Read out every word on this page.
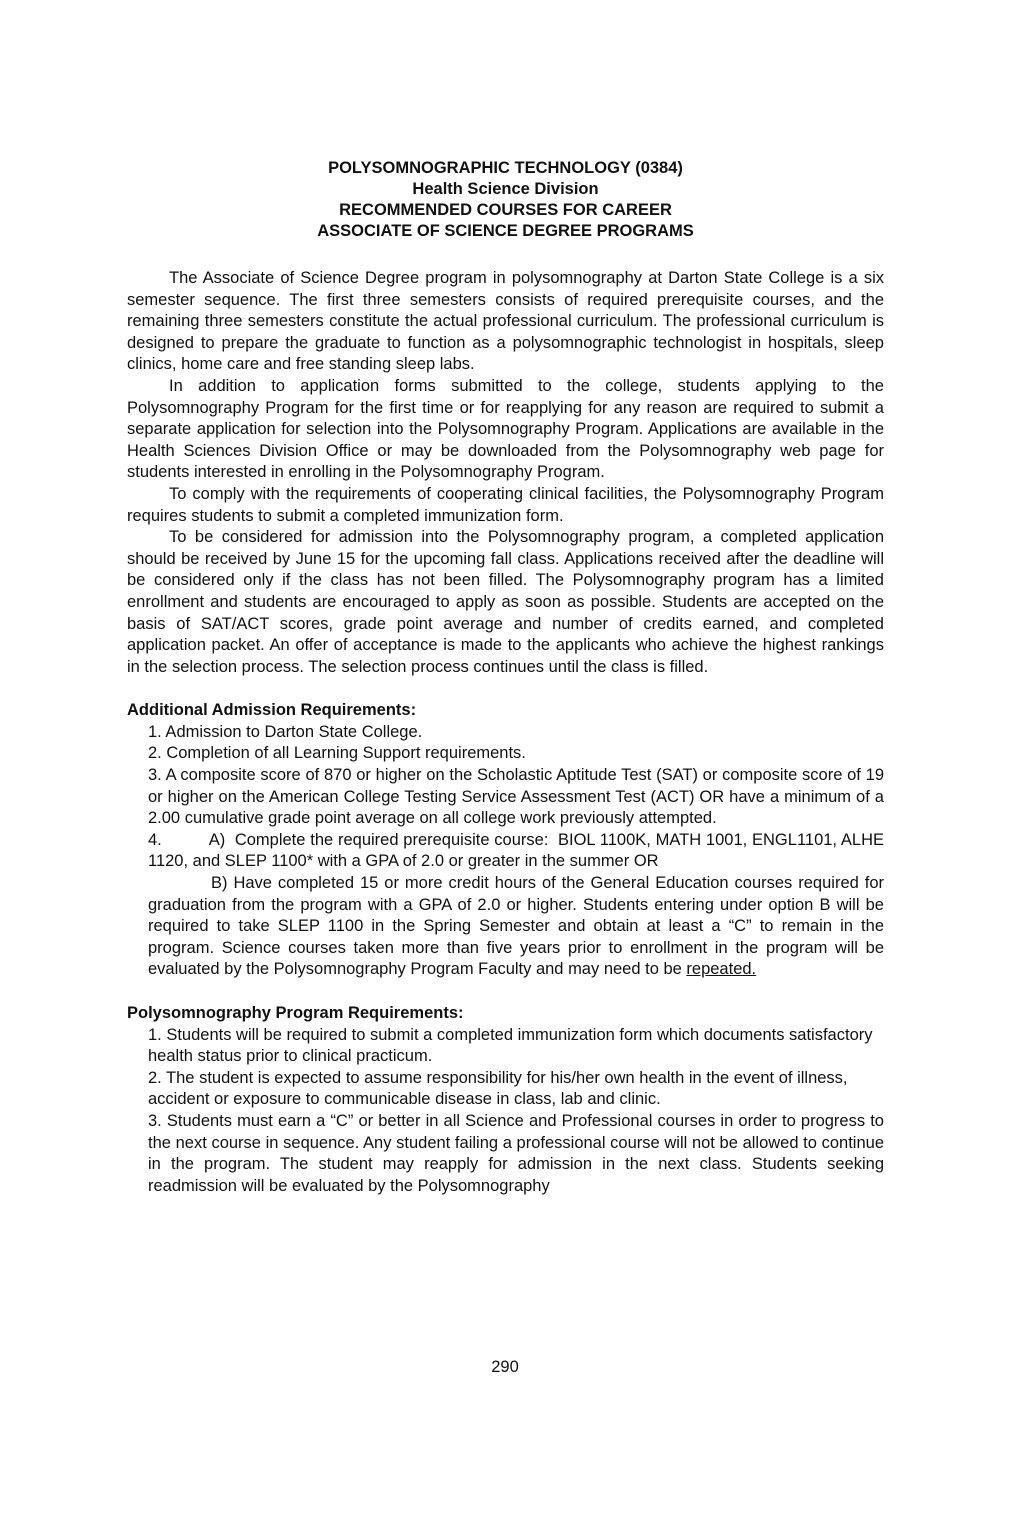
POLYSOMNOGRAPHIC TECHNOLOGY (0384)
Health Science Division
RECOMMENDED COURSES FOR CAREER
ASSOCIATE OF SCIENCE DEGREE PROGRAMS

The Associate of Science Degree program in polysomnography at Darton State College is a six semester sequence. The first three semesters consists of required prerequisite courses, and the remaining three semesters constitute the actual professional curriculum. The professional curriculum is designed to prepare the graduate to function as a polysomnographic technologist in hospitals, sleep clinics, home care and free standing sleep labs.

In addition to application forms submitted to the college, students applying to the Polysomnography Program for the first time or for reapplying for any reason are required to submit a separate application for selection into the Polysomnography Program. Applications are available in the Health Sciences Division Office or may be downloaded from the Polysomnography web page for students interested in enrolling in the Polysomnography Program.

To comply with the requirements of cooperating clinical facilities, the Polysomnography Program requires students to submit a completed immunization form.

To be considered for admission into the Polysomnography program, a completed application should be received by June 15 for the upcoming fall class. Applications received after the deadline will be considered only if the class has not been filled. The Polysomnography program has a limited enrollment and students are encouraged to apply as soon as possible. Students are accepted on the basis of SAT/ACT scores, grade point average and number of credits earned, and completed application packet. An offer of acceptance is made to the applicants who achieve the highest rankings in the selection process. The selection process continues until the class is filled.

Additional Admission Requirements:

1. Admission to Darton State College.

2. Completion of all Learning Support requirements.

3. A composite score of 870 or higher on the Scholastic Aptitude Test (SAT) or composite score of 19 or higher on the American College Testing Service Assessment Test (ACT) OR have a minimum of a 2.00 cumulative grade point average on all college work previously attempted.

4.          A)  Complete the required prerequisite course:  BIOL 1100K, MATH 1001, ENGL1101, ALHE 1120, and SLEP 1100* with a GPA of 2.0 or greater in the summer OR

B) Have completed 15 or more credit hours of the General Education courses required for graduation from the program with a GPA of 2.0 or higher. Students entering under option B will be required to take SLEP 1100 in the Spring Semester and obtain at least a “C” to remain in the program. Science courses taken more than five years prior to enrollment in the program will be evaluated by the Polysomnography Program Faculty and may need to be repeated.

Polysomnography Program Requirements:

1. Students will be required to submit a completed immunization form which documents satisfactory health status prior to clinical practicum.

2. The student is expected to assume responsibility for his/her own health in the event of illness, accident or exposure to communicable disease in class, lab and clinic.

3. Students must earn a “C” or better in all Science and Professional courses in order to progress to the next course in sequence. Any student failing a professional course will not be allowed to continue in the program. The student may reapply for admission in the next class. Students seeking readmission will be evaluated by the Polysomnography

290
